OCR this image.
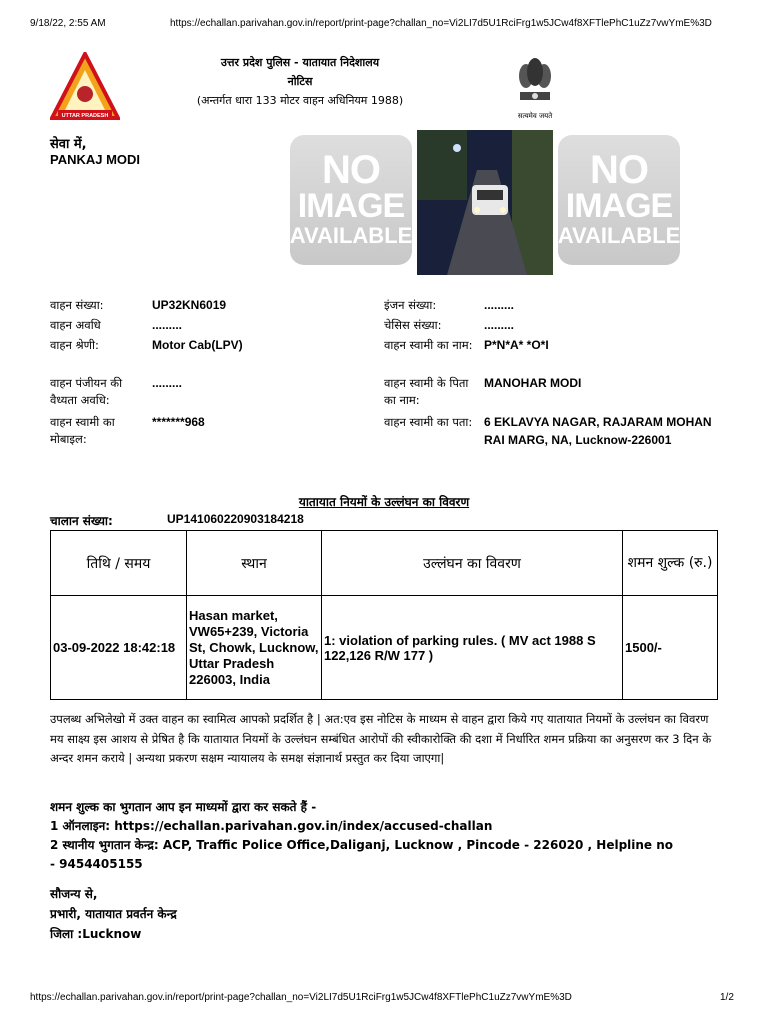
9/18/22, 2:55 AM	https://echallan.parivahan.gov.in/report/print-page?challan_no=Vi2LI7d5U1RciFrg1w5JCw4f8XFTlePhC1uZz7vwYmE%3D
UTTAR PRADESH
उत्तर प्रदेश पुलिस - यातायात निदेशालय
नोटिस
(अन्तर्गत धारा 133 मोटर वाहन अधिनियम 1988)
सत्यमेव जयते
सेवा में,
PANKAJ MODI	NO
IMAGE
AVAILABLE
NO
IMAGE
AVAILABLE
वाहन संख्या:	UP32KN6019
वाहन अवधि	.........
वाहन श्रेणी:	Motor Cab(LPV)
वाहन पंजीयन की वैध्यता अवधि:
.........
वाहन स्वामी का मोबाइल:
*******968
इंजन संख्या:	.........
चेसिस संख्या:	.........
वाहन स्वामी का नाम: P*N*A* *O*I
वाहन स्वामी के पिता का नाम:
MANOHAR MODI
वाहन स्वामी का पता: 6 EKLAVYA NAGAR, RAJARAM MOHAN RAI MARG, NA, Lucknow-226001
यातायात नियमों के उल्लंघन का विवरण
चालान संख्या:	UP141060220903184218
तिथि / समय	स्थान	उल्लंघन का विवरण	शमन शुल्क (रु.)
03-09-2022 18:42:18	Hasan market, VW65+239, Victoria St, Chowk, Lucknow, Uttar Pradesh 226003, India	1: violation of parking rules. ( MV act 1988 S 122,126 R/W 177 )	1500/-
उपलब्ध अभिलेखो में उक्त वाहन का स्वामित्व आपको प्रदर्शित है | अत:एव इस नोटिस के माध्यम से वाहन द्वारा किये गए यातायात नियमों के उल्लंघन का विवरण मय साक्ष्य इस आशय से प्रेषित है कि यातायात नियमों के उल्लंघन सम्बंधित आरोपों की स्वीकारोक्ति की दशा में निर्धारित शमन प्रक्रिया का अनुसरण कर 3 दिन के अन्दर शमन कराये | अन्यथा प्रकरण सक्षम न्यायालय के समक्ष संज्ञानार्थ प्रस्तुत कर दिया जाएगा|
शमन शुल्क का भुगतान आप इन माध्यमों द्वारा कर सकते हैं -
1 ऑनलाइन: https://echallan.parivahan.gov.in/index/accused-challan
2 स्थानीय भुगतान केन्द्र: ACP, Traffic Police Office,Daliganj, Lucknow , Pincode - 226020 , Helpline no - 9454405155
सौजन्य से,
प्रभारी, यातायात प्रवर्तन केन्द्र
जिला :Lucknow
https://echallan.parivahan.gov.in/report/print-page?challan_no=Vi2LI7d5U1RciFrg1w5JCw4f8XFTlePhC1uZz7vwYmE%3D	1/2
